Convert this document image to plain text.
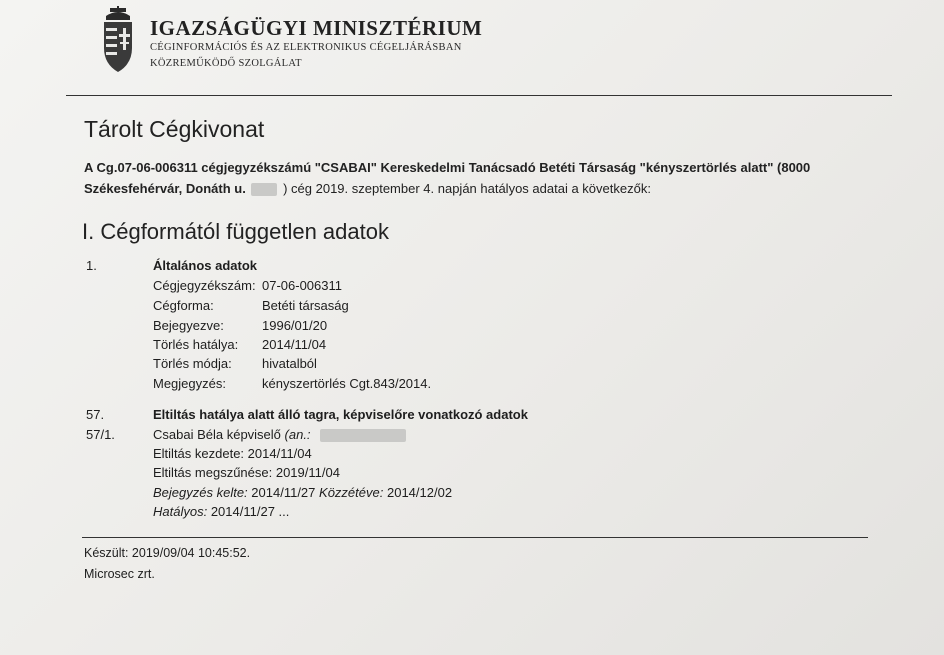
IGAZSÁGÜGYI MINISZTÉRIUM
CÉGINFORMÁCIÓS ÉS AZ ELEKTRONIKUS CÉGELJÁRÁSBAN
KÖZREMŰKÖDŐ SZOLGÁLAT
Tárolt Cégkivonat
A Cg.07-06-006311 cégjegyzékszámú "CSABAI" Kereskedelmi Tanácsadó Betéti Társaság "kényszertörlés alatt" (8000
Székesfehérvár, Donáth u.	) cég 2019. szeptember 4. napján hatályos adatai a következők:
I. Cégformától független adatok
1.	Általános adatok
Cégjegyzékszám: 07-06-006311
Cégforma:	Betéti társaság
Bejegyezve:	1996/01/20
Törlés hatálya: 2014/11/04
Törlés módja: hivatalból
Megjegyzés:	kényszertörlés Cgt.843/2014.
57.	Eltiltás hatálya alatt álló tagra, képviselőre vonatkozó adatok
57/1.	Csabai Béla képviselő (an.:
Eltiltás kezdete: 2014/11/04
Eltiltás megszűnése: 2019/11/04
Bejegyzés kelte: 2014/11/27 Közzétéve: 2014/12/02
Hatályos: 2014/11/27 ...
Készült: 2019/09/04 10:45:52.
Microsec zrt.
